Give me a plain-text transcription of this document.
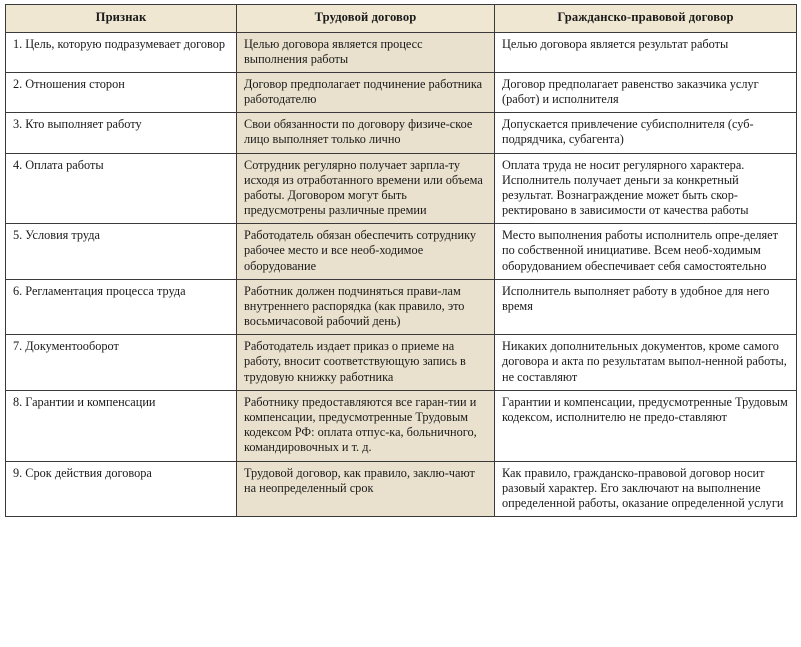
Признак	Трудовой договор	Гражданско-правовой договор

1. Цель, которую подразумевает договор	Целью договора является процесс выполнения работы	Целью договора является результат работы

2. Отношения сторон	Договор предполагает подчинение работника работодателю	Договор предполагает равенство заказчика услуг (работ) и исполнителя

3. Кто выполняет работу	Свои обязанности по договору физиче-ское лицо выполняет только лично	Допускается привлечение субисполнителя (суб-подрядчика, субагента)

4. Оплата работы	Сотрудник регулярно получает зарпла-ту исходя из отработанного времени или объема работы. Договором могут быть предусмотрены различные премии	Оплата труда не носит регулярного характера. Исполнитель получает деньги за конкретный результат. Вознаграждение может быть скор-ректировано в зависимости от качества работы

5. Условия труда	Работодатель обязан обеспечить сотруднику рабочее место и все необ-ходимое оборудование	Место выполнения работы исполнитель опре-деляет по собственной инициативе. Всем необ-ходимым оборудованием обеспечивает себя самостоятельно

6. Регламентация процесса труда	Работник должен подчиняться прави-лам внутреннего распорядка (как правило, это восьмичасовой рабочий день)	Исполнитель выполняет работу в удобное для него время

7. Документооборот	Работодатель издает приказ о приеме на работу, вносит соответствующую запись в трудовую книжку работника	Никаких дополнительных документов, кроме самого договора и акта по результатам выпол-ненной работы, не составляют

8. Гарантии и компенсации	Работнику предоставляются все гаран-тии и компенсации, предусмотренные Трудовым кодексом РФ: оплата отпус-ка, больничного, командировочных и т. д.	Гарантии и компенсации, предусмотренные Трудовым кодексом, исполнителю не предо-ставляют

9. Срок действия договора	Трудовой договор, как правило, заклю-чают на неопределенный срок	Как правило, гражданско-правовой договор носит разовый характер. Его заключают на выполнение определенной работы, оказание определенной услуги
